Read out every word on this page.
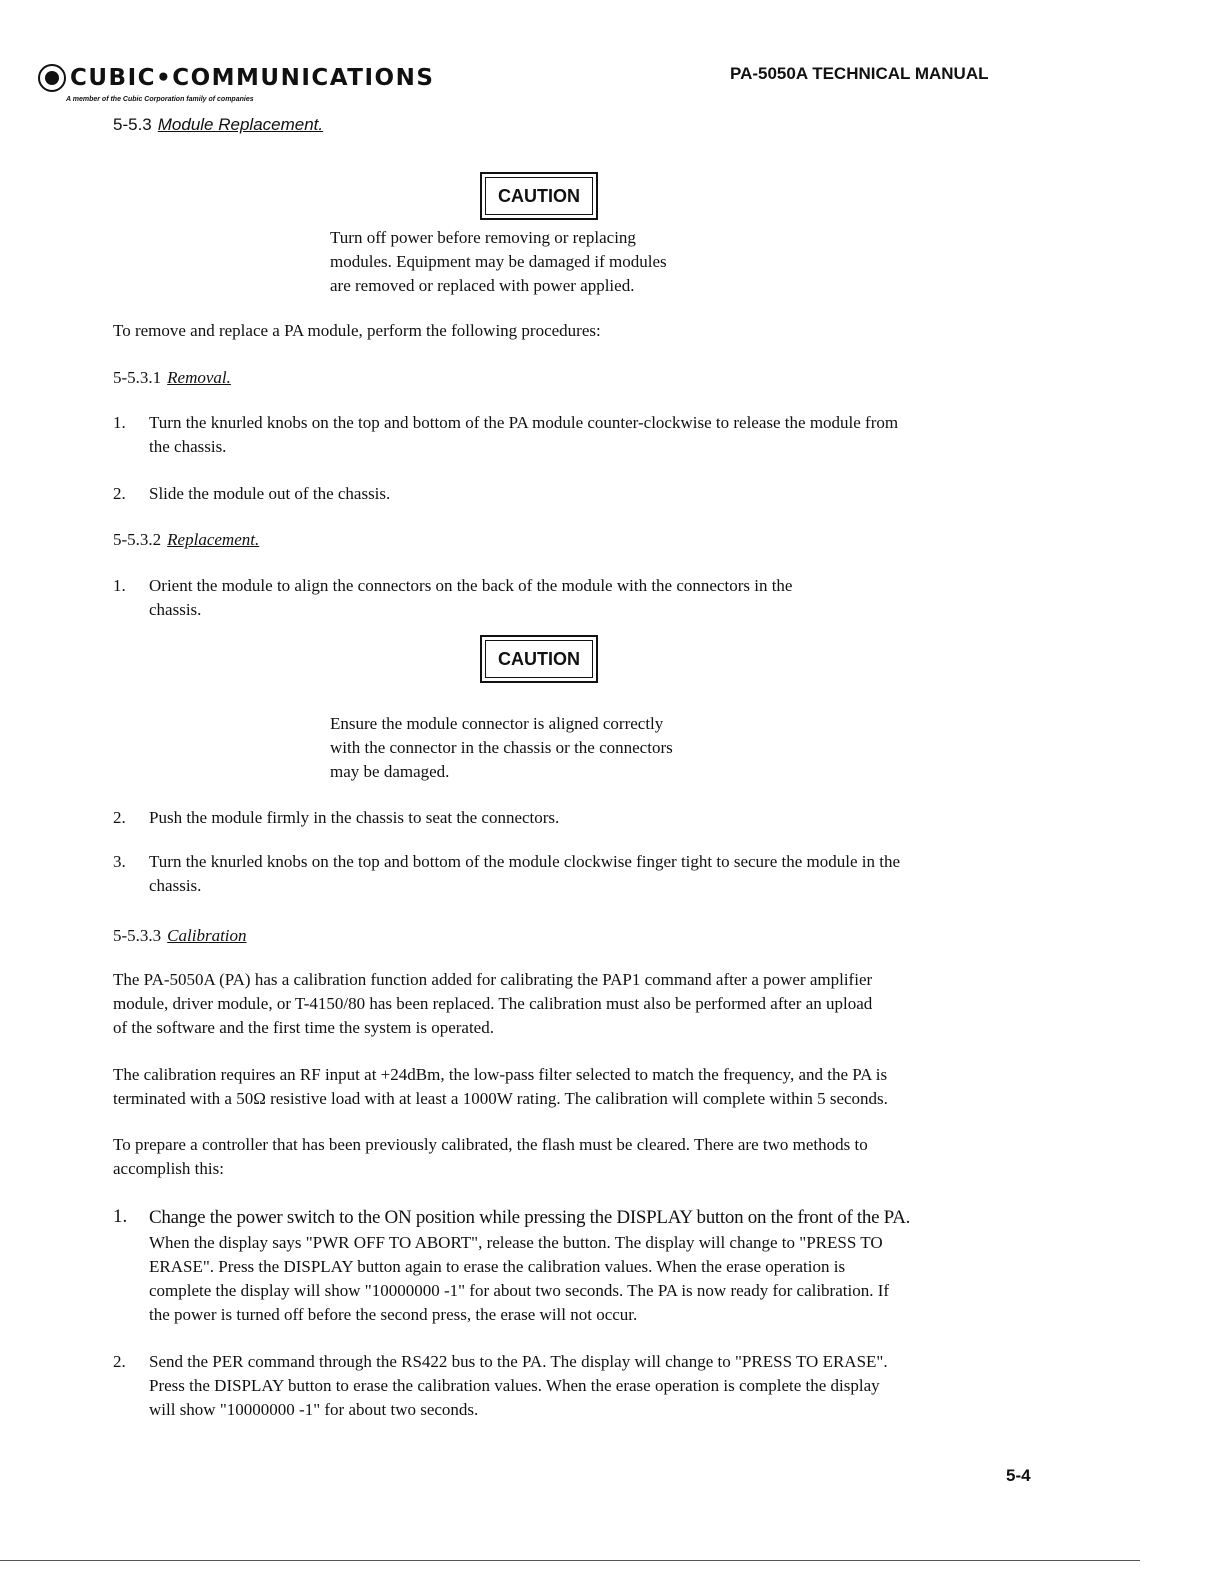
CUBIC•COMMUNICATIONS
A member of the Cubic Corporation family of companies
PA-5050A TECHNICAL MANUAL
5-5.3 Module Replacement.
CAUTION
Turn off power before removing or replacing
modules. Equipment may be damaged if modules
are removed or replaced with power applied.
To remove and replace a PA module, perform the following procedures:
5-5.3.1 Removal.
1.	Turn the knurled knobs on the top and bottom of the PA module counter-clockwise to release the module from
the chassis.
2.	Slide the module out of the chassis.
5-5.3.2 Replacement.
1.	Orient the module to align the connectors on the back of the module with the connectors in the
chassis.
CAUTION
Ensure the module connector is aligned correctly
with the connector in the chassis or the connectors
may be damaged.
2.	Push the module firmly in the chassis to seat the connectors.
3.	Turn the knurled knobs on the top and bottom of the module clockwise finger tight to secure the module in the
chassis.
5-5.3.3 Calibration
The PA-5050A (PA) has a calibration function added for calibrating the PAP1 command after a power amplifier
module, driver module, or T-4150/80 has been replaced. The calibration must also be performed after an upload
of the software and the first time the system is operated.
The calibration requires an RF input at +24dBm, the low-pass filter selected to match the frequency, and the PA is
terminated with a 50Ω resistive load with at least a 1000W rating. The calibration will complete within 5 seconds.
To prepare a controller that has been previously calibrated, the flash must be cleared. There are two methods to
accomplish this:
1.	Change the power switch to the ON position while pressing the DISPLAY button on the front of the PA.
When the display says "PWR OFF TO ABORT", release the button. The display will change to "PRESS TO
ERASE". Press the DISPLAY button again to erase the calibration values. When the erase operation is
complete the display will show "10000000 -1" for about two seconds. The PA is now ready for calibration. If
the power is turned off before the second press, the erase will not occur.
2.	Send the PER command through the RS422 bus to the PA. The display will change to "PRESS TO ERASE".
Press the DISPLAY button to erase the calibration values. When the erase operation is complete the display
will show "10000000 -1" for about two seconds.
5-4
